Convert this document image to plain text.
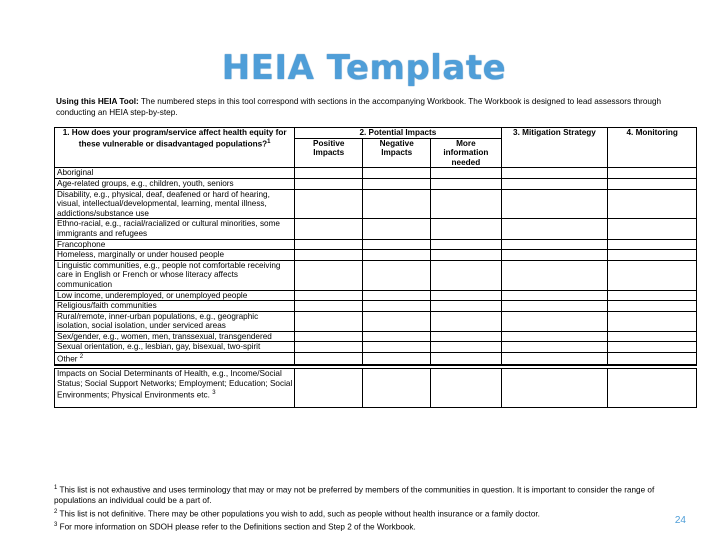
HEIA Template
Using this HEIA Tool: The numbered steps in this tool correspond with sections in the accompanying Workbook. The Workbook is designed to lead assessors through conducting an HEIA step-by-step.
1. How does your program/service affect health equity for these vulnerable or disadvantaged populations?$^1$	2. Potential Impacts			3. Mitigation Strategy	4. Monitoring
	Positive Impacts	Negative Impacts	More information needed		
Aboriginal					
Age-related groups, e.g., children, youth, seniors					
Disability, e.g., physical, deaf, deafened or hard of hearing, visual, intellectual/developmental, learning, mental illness, addictions/substance use					
Ethno-racial, e.g., racial/racialized or cultural minorities, some immigrants and refugees					
Francophone					
Homeless, marginally or under housed people					
Linguistic communities, e.g., people not comfortable receiving care in English or French or whose literacy affects communication					
Low income, underemployed, or unemployed people					
Religious/faith communities					
Rural/remote, inner-urban populations, e.g., geographic isolation, social isolation, under serviced areas					
Sex/gender, e.g., women, men, transsexual, transgendered					
Sexual orientation, e.g., lesbian, gay, bisexual, two-spirit					
Other $^2$					

Impacts on Social Determinants of Health, e.g., Income/Social Status; Social Support Networks; Employment; Education; Social Environments; Physical Environments etc. $^3$					
$^1$ This list is not exhaustive and uses terminology that may or may not be preferred by members of the communities in question. It is important to consider the range of populations an individual could be a part of.
$^2$ This list is not definitive. There may be other populations you wish to add, such as people without health insurance or a family doctor.
$^3$ For more information on SDOH please refer to the Definitions section and Step 2 of the Workbook.
24
